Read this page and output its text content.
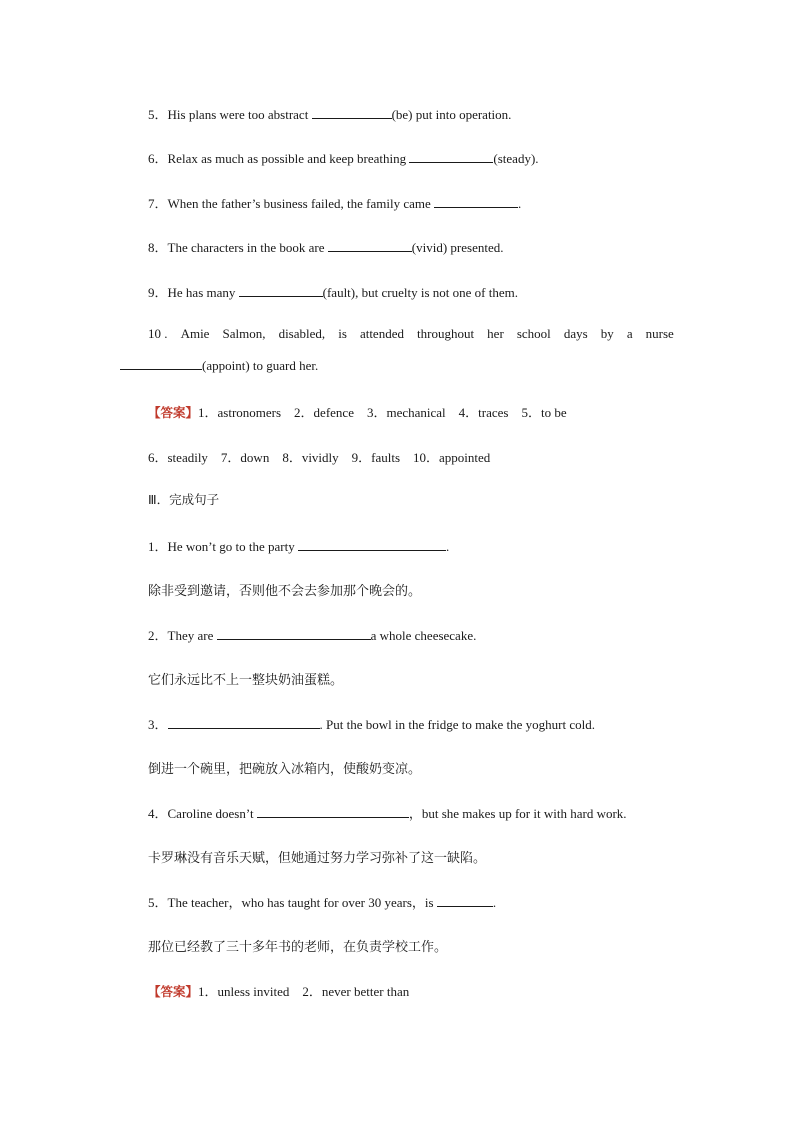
5．His plans were too abstract	(be) put into operation.
6．Relax as much as possible and keep breathing	(steady).
7．When the father’s business failed, the family came	.
8．The characters in the book are	(vivid) presented.
9．He has many	(fault), but cruelty is not one of them.
10 . Amie Salmon, disabled, is attended throughout her school days by a nurse
(appoint) to guard her.
【答案】1．astronomers　2．defence　3．mechanical　4．traces　5．to be
6．steadily　7．down　8．vividly　9．faults　10．appointed
Ⅲ．完成句子
1．He won’t go to the party	.
除非受到邀请，否则他不会去参加那个晚会的。
2．They are	a whole cheesecake.
它们永远比不上一整块奶油蛋糕。
3．	. Put the bowl in the fridge to make the yoghurt cold.
倒进一个碗里，把碗放入冰箱内，使酸奶变凉。
4．Caroline doesn’t	，but she makes up for it with hard work.
卡罗琳没有音乐天赋，但她通过努力学习弥补了这一缺陷。
5．The teacher，who has taught for over 30 years，is	.
那位已经教了三十多年书的老师，在负责学校工作。
【答案】1．unless invited　2．never better than
